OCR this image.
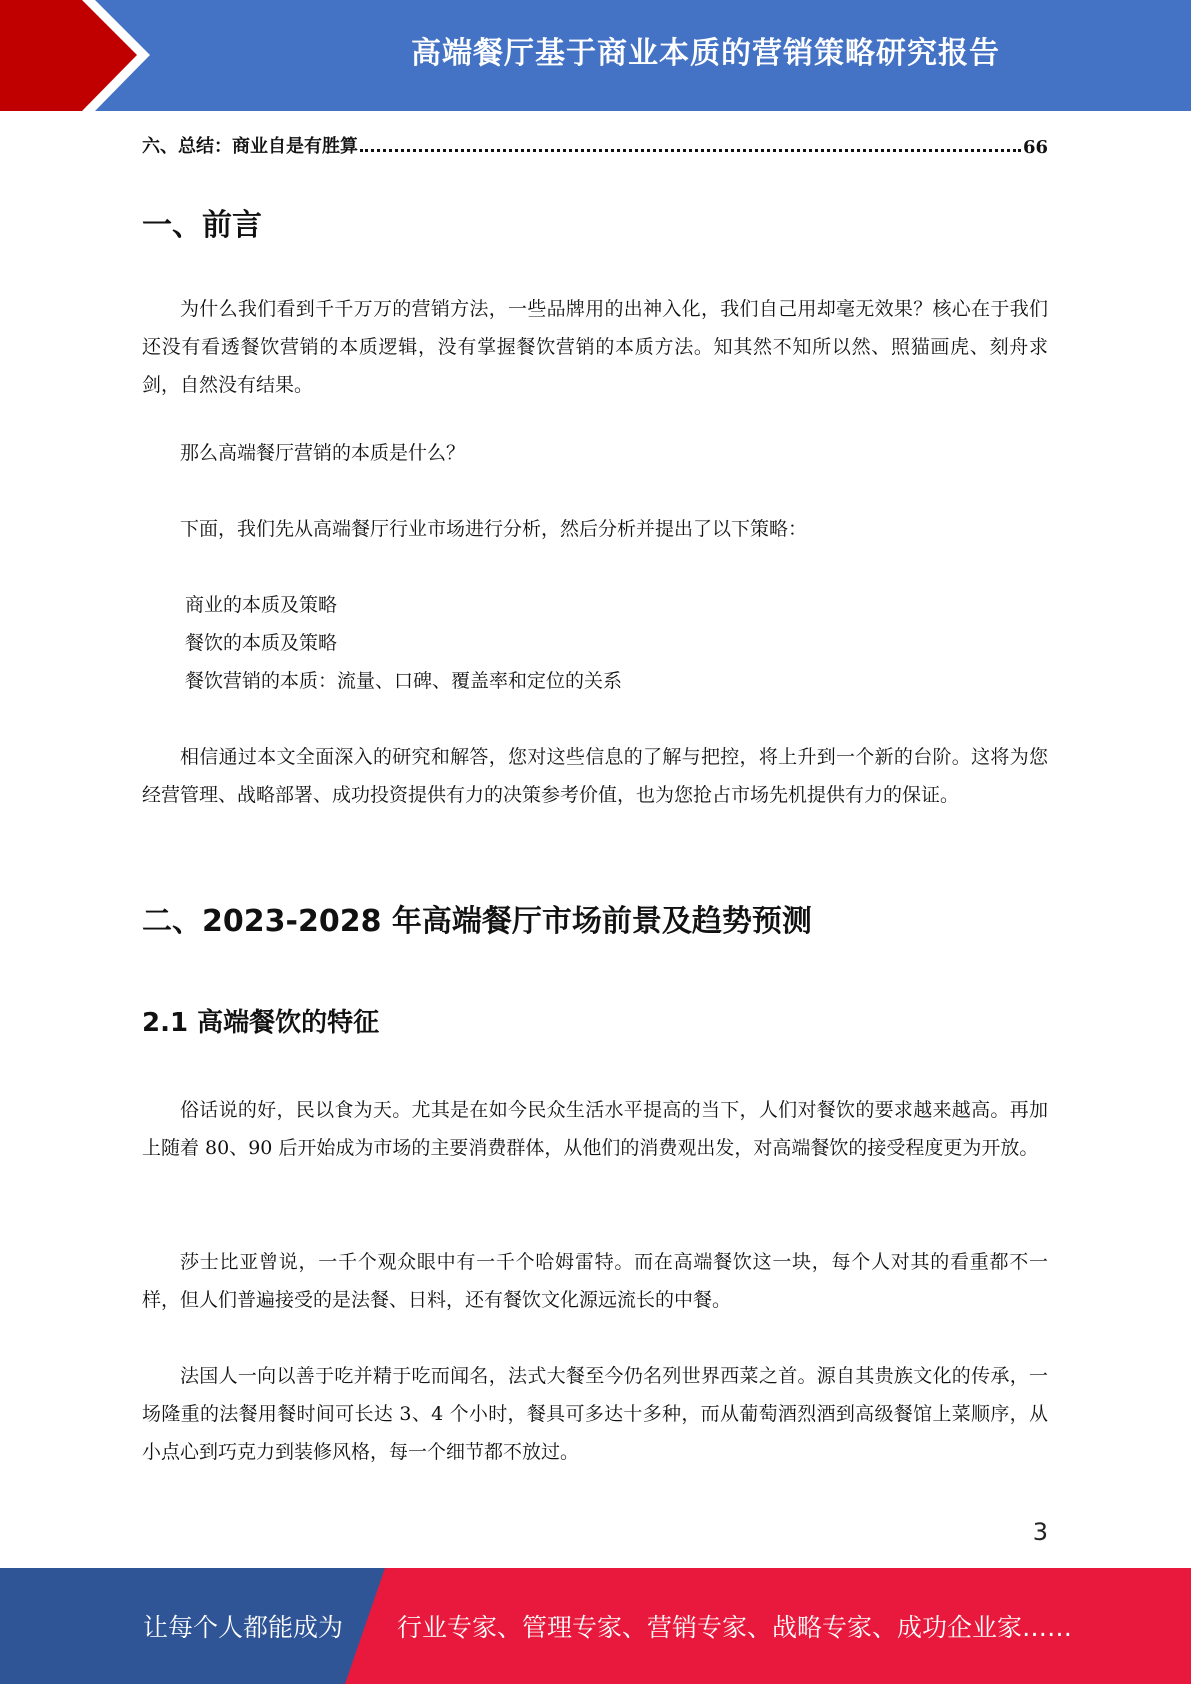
高端餐厅基于商业本质的营销策略研究报告
六、总结：商业自是有胜算	66
一、前言
为什么我们看到千千万万的营销方法，一些品牌用的出神入化，我们自己用却毫无效果？核心在于我们还没有看透餐饮营销的本质逻辑，没有掌握餐饮营销的本质方法。知其然不知所以然、照猫画虎、刻舟求剑，自然没有结果。
那么高端餐厅营销的本质是什么？
下面，我们先从高端餐厅行业市场进行分析，然后分析并提出了以下策略：
商业的本质及策略
餐饮的本质及策略
餐饮营销的本质：流量、口碑、覆盖率和定位的关系
相信通过本文全面深入的研究和解答，您对这些信息的了解与把控，将上升到一个新的台阶。这将为您经营管理、战略部署、成功投资提供有力的决策参考价值，也为您抢占市场先机提供有力的保证。
二、2023-2028 年高端餐厅市场前景及趋势预测
2.1 高端餐饮的特征
俗话说的好，民以食为天。尤其是在如今民众生活水平提高的当下，人们对餐饮的要求越来越高。再加上随着 80、90 后开始成为市场的主要消费群体，从他们的消费观出发，对高端餐饮的接受程度更为开放。
莎士比亚曾说，一千个观众眼中有一千个哈姆雷特。而在高端餐饮这一块，每个人对其的看重都不一样，但人们普遍接受的是法餐、日料，还有餐饮文化源远流长的中餐。
法国人一向以善于吃并精于吃而闻名，法式大餐至今仍名列世界西菜之首。源自其贵族文化的传承，一场隆重的法餐用餐时间可长达 3、4 个小时，餐具可多达十多种，而从葡萄酒烈酒到高级餐馆上菜顺序，从小点心到巧克力到装修风格，每一个细节都不放过。
3
让每个人都能成为 行业专家、管理专家、营销专家、战略专家、成功企业家……
